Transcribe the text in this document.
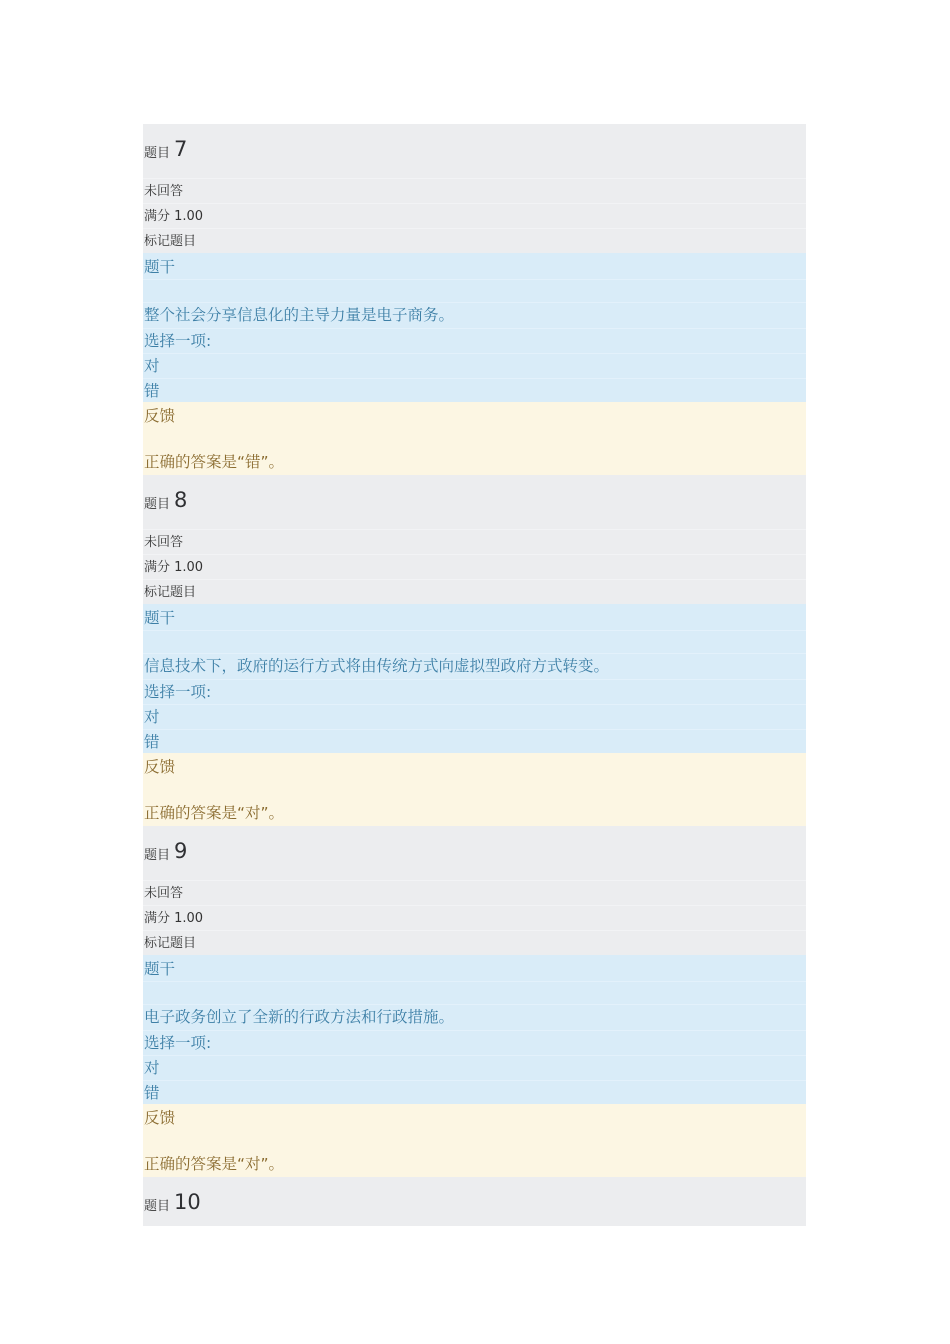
题目 7
未回答
满分 1.00
标记题目
题干
整个社会分享信息化的主导力量是电子商务。
选择一项:
对
错
反馈
正确的答案是“错”。
题目 8
未回答
满分 1.00
标记题目
题干
信息技术下，政府的运行方式将由传统方式向虚拟型政府方式转变。
选择一项:
对
错
反馈
正确的答案是“对”。
题目 9
未回答
满分 1.00
标记题目
题干
电子政务创立了全新的行政方法和行政措施。
选择一项:
对
错
反馈
正确的答案是“对”。
题目 10
